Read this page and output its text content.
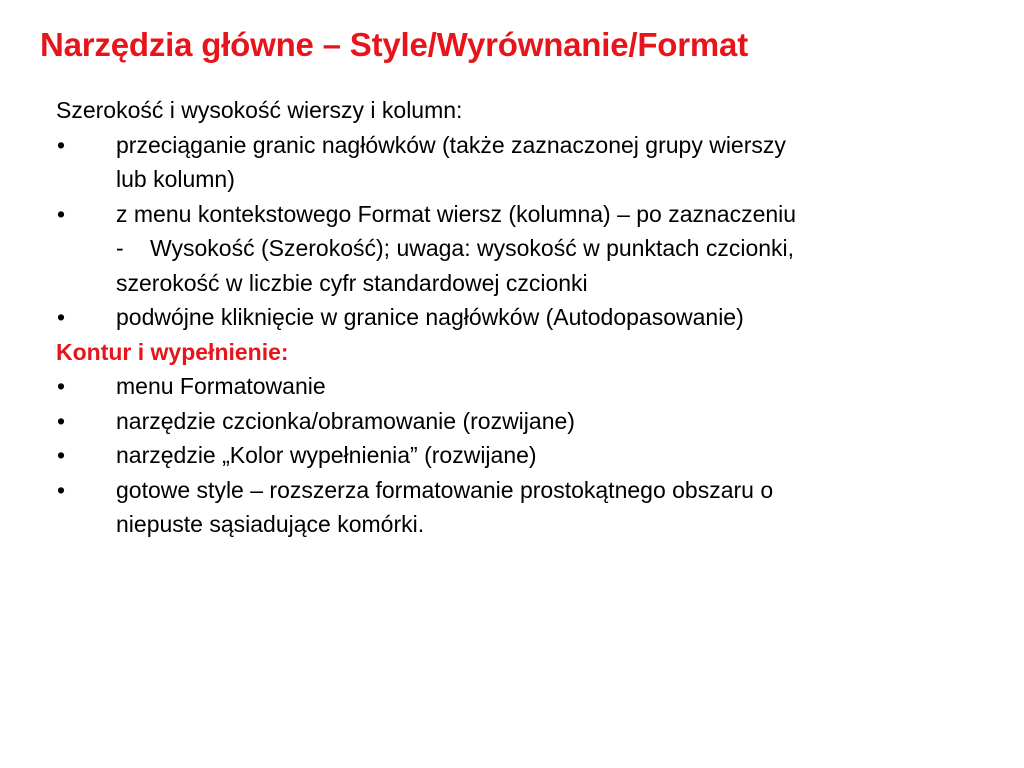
Narzędzia główne – Style/Wyrównanie/Format

Szerokość i wysokość wierszy i kolumn:

• przeciąganie granic nagłówków (także zaznaczonej grupy wierszy
lub kolumn)
• z menu kontekstowego Format wiersz (kolumna) – po zaznaczeniu
- Wysokość (Szerokość); uwaga: wysokość w punktach czcionki,
szerokość w liczbie cyfr standardowej czcionki
• podwójne kliknięcie w granice nagłówków (Autodopasowanie)

Kontur i wypełnienie:

• menu Formatowanie
• narzędzie czcionka/obramowanie (rozwijane)
• narzędzie „Kolor wypełnienia” (rozwijane)
• gotowe style – rozszerza formatowanie prostokątnego obszaru o
niepuste sąsiadujące komórki.
